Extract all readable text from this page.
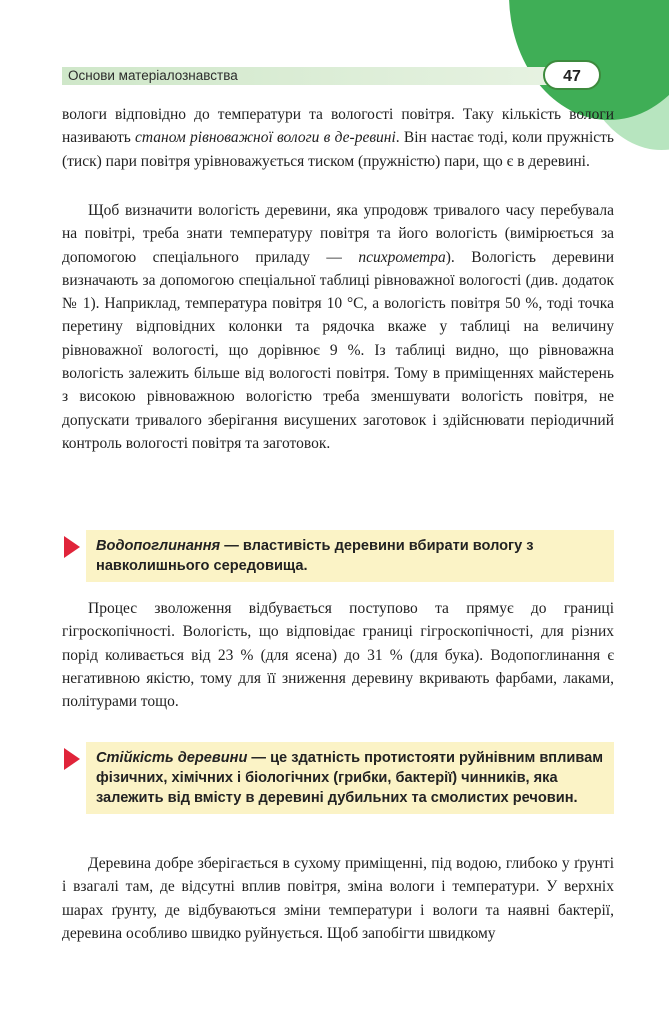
Основи матеріалознавства	47

вологи відповідно до температури та вологості повітря. Таку кількість вологи називають станом рівноважної вологи в де-ревині. Він настає тоді, коли пружність (тиск) пари повітря урівноважується тиском (пружністю) пари, що є в деревині.

Щоб визначити вологість деревини, яка упродовж тривалого часу перебувала на повітрі, треба знати температуру повітря та його вологість (вимірюється за допомогою спеціального приладу — психрометра). Вологість деревини визначають за допомогою спеціальної таблиці рівноважної вологості (див. додаток № 1). Наприклад, температура повітря 10 °С, а вологість повітря 50 %, тоді точка перетину відповідних колонки та рядочка вкаже у таблиці на величину рівноважної вологості, що дорівнює 9 %. Із таблиці видно, що рівноважна вологість залежить більше від вологості повітря. Тому в приміщеннях майстерень з високою рівноважною вологістю треба зменшувати вологість повітря, не допускати тривалого зберігання висушених заготовок і здійснювати періодичний контроль вологості повітря та заготовок.

Водопоглинання — властивість деревини вбирати вологу з навколишнього середовища.

Процес зволоження відбувається поступово та прямує до границі гігроскопічності. Вологість, що відповідає границі гігроскопічності, для різних порід коливається від 23 % (для ясена) до 31 % (для бука). Водопоглинання є негативною якістю, тому для її зниження деревину вкривають фарбами, лаками, політурами тощо.

Стійкість деревини — це здатність протистояти руйнівним впливам фізичних, хімічних і біологічних (грибки, бактерії) чинників, яка залежить від вмісту в деревині дубильних та смолистих речовин.

Деревина добре зберігається в сухому приміщенні, під водою, глибоко у ґрунті і взагалі там, де відсутні вплив повітря, зміна вологи і температури. У верхніх шарах ґрунту, де відбуваються зміни температури і вологи та наявні бактерії, деревина особливо швидко руйнується. Щоб запобігти швидкому
